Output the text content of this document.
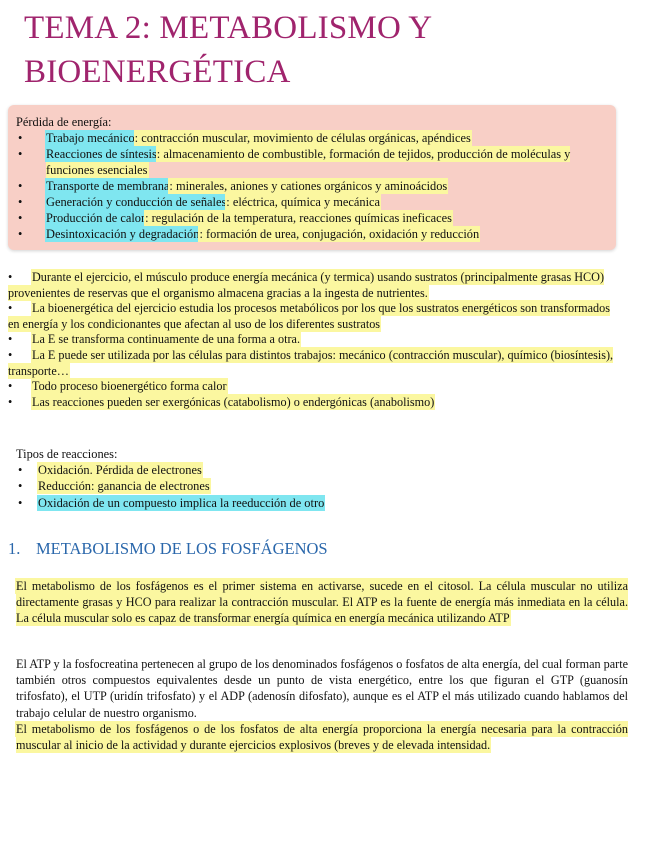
TEMA 2: METABOLISMO Y BIOENERGÉTICA
Pérdida de energía:
• Trabajo mecánico: contracción muscular, movimiento de células orgánicas, apéndices
• Reacciones de síntesis: almacenamiento de combustible, formación de tejidos, producción de moléculas y funciones esenciales
• Transporte de membrana: minerales, aniones y cationes orgánicos y aminoácidos
• Generación y conducción de señales: eléctrica, química y mecánica
• Producción de calor: regulación de la temperatura, reacciones químicas ineficaces
• Desintoxicación y degradación: formación de urea, conjugación, oxidación y reducción
• Durante el ejercicio, el músculo produce energía mecánica (y termica) usando sustratos (principalmente grasas HCO) provenientes de reservas que el organismo almacena gracias a la ingesta de nutrientes.
• La bioenergética del ejercicio estudia los procesos metabólicos por los que los sustratos energéticos son transformados en energía y los condicionantes que afectan al uso de los diferentes sustratos
• La E se transforma continuamente de una forma a otra.
• La E puede ser utilizada por las células para distintos trabajos: mecánico (contracción muscular), químico (biosíntesis), transporte…
• Todo proceso bioenergético forma calor
• Las reacciones pueden ser exergónicas (catabolismo) o endergónicas (anabolismo)
Tipos de reacciones:
• Oxidación. Pérdida de electrones
• Reducción: ganancia de electrones
• Oxidación de un compuesto implica la reeducción de otro
1. METABOLISMO DE LOS FOSFÁGENOS
El metabolismo de los fosfágenos es el primer sistema en activarse, sucede en el citosol. La célula muscular no utiliza directamente grasas y HCO para realizar la contracción muscular. El ATP es la fuente de energía más inmediata en la célula. La célula muscular solo es capaz de transformar energía química en energía mecánica utilizando ATP
El ATP y la fosfocreatina pertenecen al grupo de los denominados fosfágenos o fosfatos de alta energía, del cual forman parte también otros compuestos equivalentes desde un punto de vista energético, entre los que figuran el GTP (guanosín trifosfato), el UTP (uridín trifosfato) y el ADP (adenosín difosfato), aunque es el ATP el más utilizado cuando hablamos del trabajo celular de nuestro organismo.
El metabolismo de los fosfágenos o de los fosfatos de alta energía proporciona la energía necesaria para la contracción muscular al inicio de la actividad y durante ejercicios explosivos (breves y de elevada intensidad.
